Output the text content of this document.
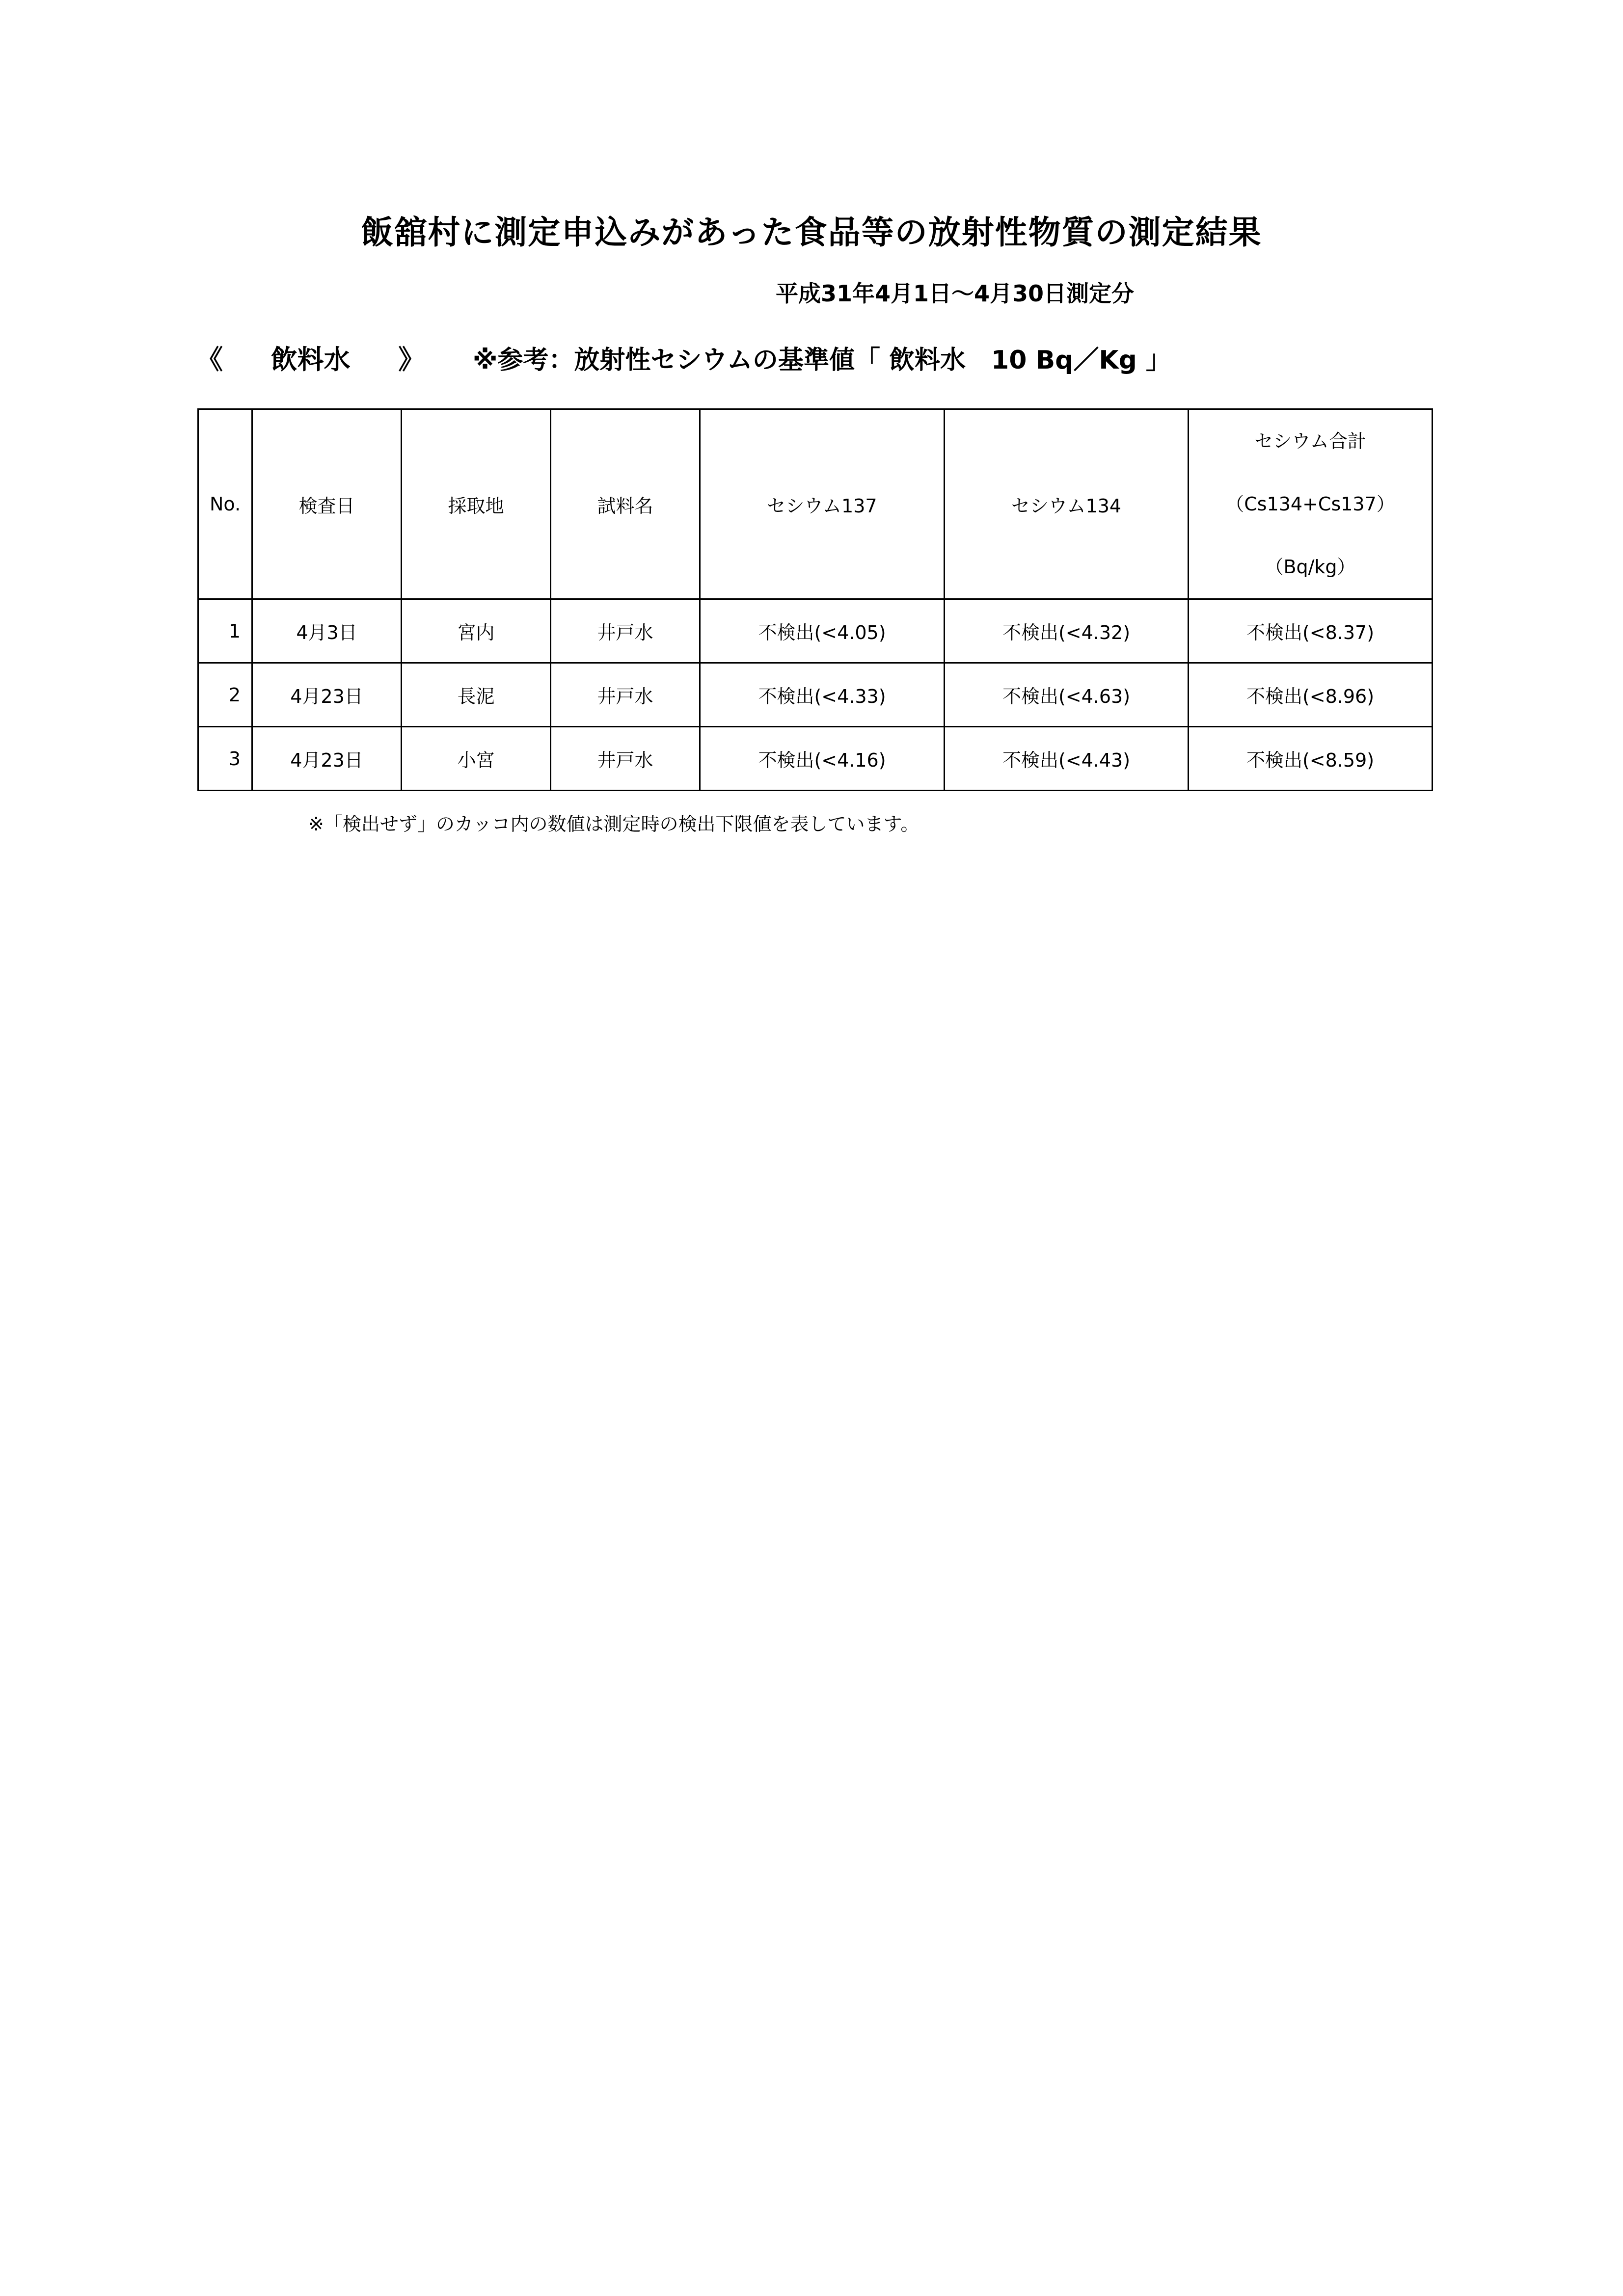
飯舘村に測定申込みがあった食品等の放射性物質の測定結果
平成31年4月1日～4月30日測定分
《 飲料水 》 ※参考：放射性セシウムの基準値「 飲料水　10 Bq／Kg 」
No.	検査日	採取地	試料名	セシウム137	セシウム134	セシウム合計
（Cs134+Cs137）
（Bq/kg）

1	4月3日	宮内	井戸水	不検出(<4.05)	不検出(<4.32)	不検出(<8.37)
2	4月23日	長泥	井戸水	不検出(<4.33)	不検出(<4.63)	不検出(<8.96)
3	4月23日	小宮	井戸水	不検出(<4.16)	不検出(<4.43)	不検出(<8.59)
※「検出せず」のカッコ内の数値は測定時の検出下限値を表しています。
